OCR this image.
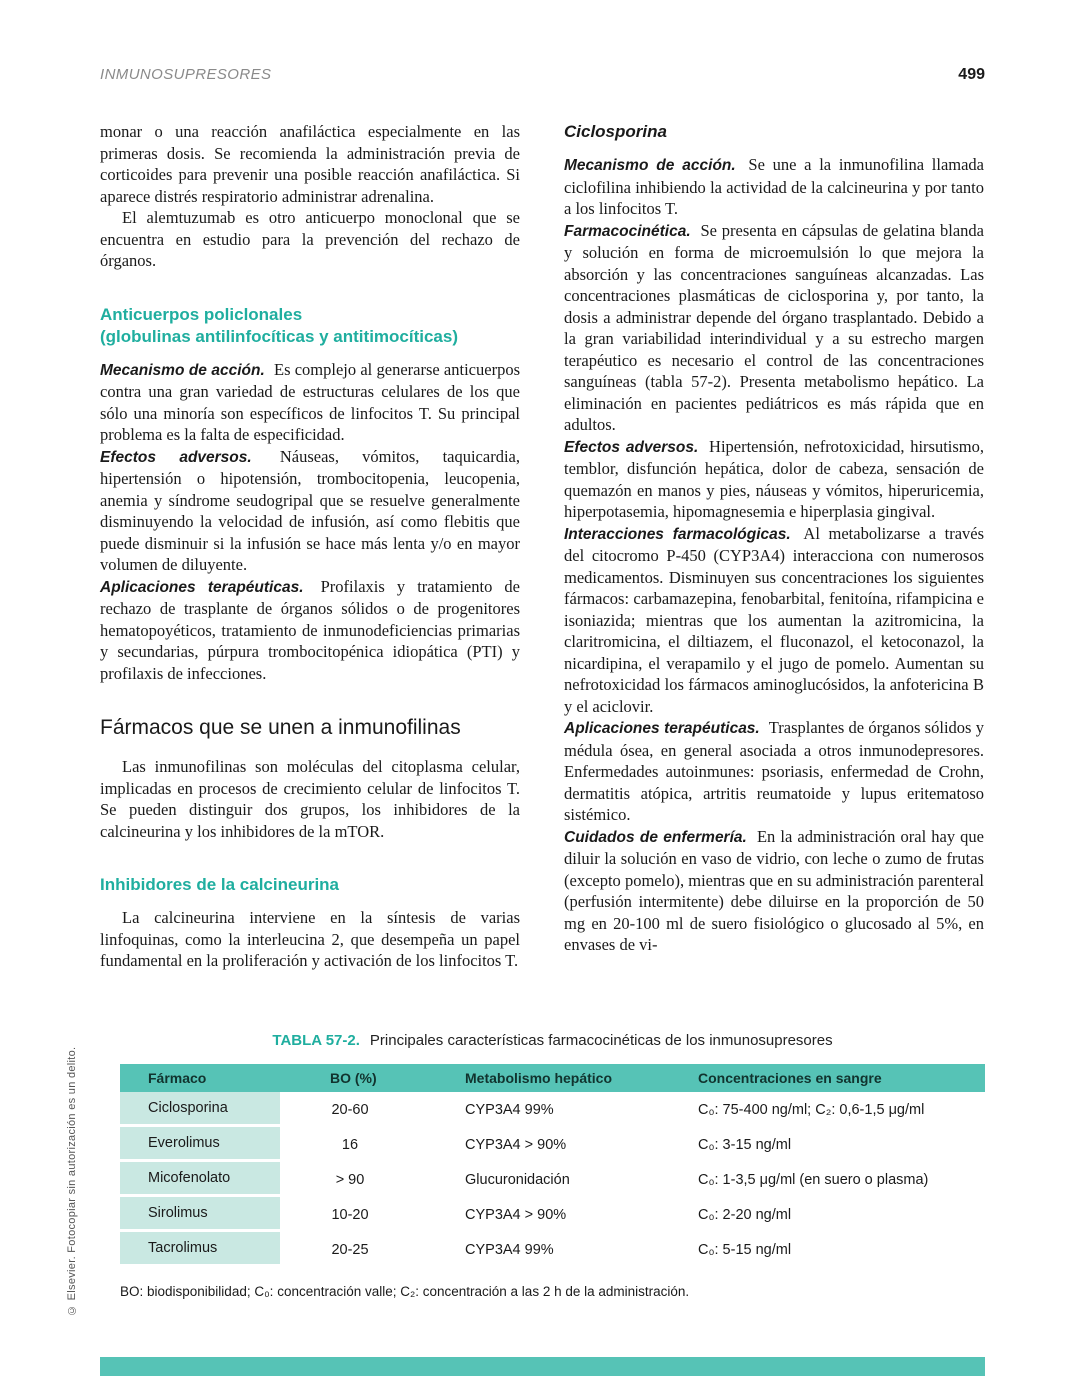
INMUNOSUPRESORES	499
© Elsevier. Fotocopiar sin autorización es un delito.

monar o una reacción anafiláctica especialmente en las primeras dosis. Se recomienda la administración previa de corticoides para prevenir una posible reacción anafiláctica. Si aparece distrés respiratorio administrar adrenalina.

El alemtuzumab es otro anticuerpo monoclonal que se encuentra en estudio para la prevención del rechazo de órganos.

Anticuerpos policlonales
(globulinas antilinfocíticas y antitimocíticas)

Mecanismo de acción. Es complejo al generarse anticuerpos contra una gran variedad de estructuras celulares de los que sólo una minoría son específicos de linfocitos T. Su principal problema es la falta de especificidad.

Efectos adversos. Náuseas, vómitos, taquicardia, hipertensión o hipotensión, trombocitopenia, leucopenia, anemia y síndrome seudogripal que se resuelve generalmente disminuyendo la velocidad de infusión, así como flebitis que puede disminuir si la infusión se hace más lenta y/o en mayor volumen de diluyente.

Aplicaciones terapéuticas. Profilaxis y tratamiento de rechazo de trasplante de órganos sólidos o de progenitores hematopoyéticos, tratamiento de inmunodeficiencias primarias y secundarias, púrpura trombocitopénica idiopática (PTI) y profilaxis de infecciones.

Fármacos que se unen a inmunofilinas

Las inmunofilinas son moléculas del citoplasma celular, implicadas en procesos de crecimiento celular de linfocitos T. Se pueden distinguir dos grupos, los inhibidores de la calcineurina y los inhibidores de la mTOR.

Inhibidores de la calcineurina

La calcineurina interviene en la síntesis de varias linfoquinas, como la interleucina 2, que desempeña un papel fundamental en la proliferación y activación de los linfocitos T.

Ciclosporina

Mecanismo de acción. Se une a la inmunofilina llamada ciclofilina inhibiendo la actividad de la calcineurina y por tanto a los linfocitos T.

Farmacocinética. Se presenta en cápsulas de gelatina blanda y solución en forma de microemulsión lo que mejora la absorción y las concentraciones sanguíneas alcanzadas. Las concentraciones plasmáticas de ciclosporina y, por tanto, la dosis a administrar depende del órgano trasplantado. Debido a la gran variabilidad interindividual y a su estrecho margen terapéutico es necesario el control de las concentraciones sanguíneas (tabla 57-2). Presenta metabolismo hepático. La eliminación en pacientes pediátricos es más rápida que en adultos.

Efectos adversos. Hipertensión, nefrotoxicidad, hirsutismo, temblor, disfunción hepática, dolor de cabeza, sensación de quemazón en manos y pies, náuseas y vómitos, hiperuricemia, hiperpotasemia, hipomagnesemia e hiperplasia gingival.

Interacciones farmacológicas. Al metabolizarse a través del citocromo P-450 (CYP3A4) interacciona con numerosos medicamentos. Disminuyen sus concentraciones los siguientes fármacos: carbamazepina, fenobarbital, fenitoína, rifampicina e isoniazida; mientras que los aumentan la azitromicina, la claritromicina, el diltiazem, el fluconazol, el ketoconazol, la nicardipina, el verapamilo y el jugo de pomelo. Aumentan su nefrotoxicidad los fármacos aminoglucósidos, la anfotericina B y el aciclovir.

Aplicaciones terapéuticas. Trasplantes de órganos sólidos y médula ósea, en general asociada a otros inmunodepresores. Enfermedades autoinmunes: psoriasis, enfermedad de Crohn, dermatitis atópica, artritis reumatoide y lupus eritematoso sistémico.

Cuidados de enfermería. En la administración oral hay que diluir la solución en vaso de vidrio, con leche o zumo de frutas (excepto pomelo), mientras que en su administración parenteral (perfusión intermitente) debe diluirse en la proporción de 50 mg en 20-100 ml de suero fisiológico o glucosado al 5%, en envases de vi-

TABLA 57-2. Principales características farmacocinéticas de los inmunosupresores
Fármaco	BO (%)	Metabolismo hepático	Concentraciones en sangre
Ciclosporina	20-60	CYP3A4 99%	C₀: 75-400 ng/ml; C₂: 0,6-1,5 μg/ml
Everolimus	16	CYP3A4 > 90%	C₀: 3-15 ng/ml
Micofenolato	> 90	Glucuronidación	C₀: 1-3,5 μg/ml (en suero o plasma)
Sirolimus	10-20	CYP3A4 > 90%	C₀: 2-20 ng/ml
Tacrolimus	20-25	CYP3A4 99%	C₀: 5-15 ng/ml

BO: biodisponibilidad; C₀: concentración valle; C₂: concentración a las 2 h de la administración.
